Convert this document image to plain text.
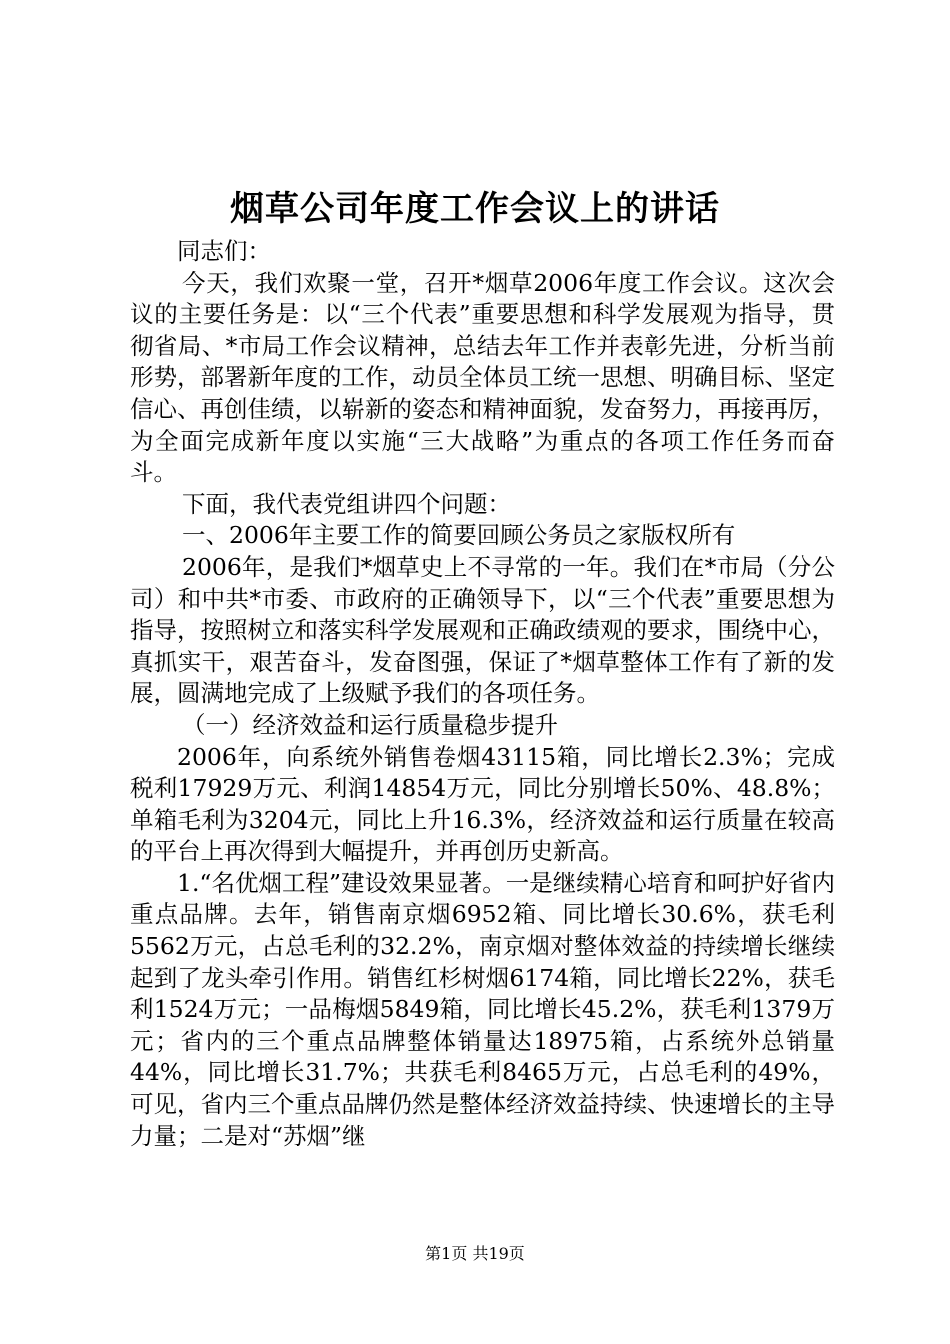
烟草公司年度工作会议上的讲话

同志们：

今天，我们欢聚一堂，召开*烟草2006年度工作会议。这次会议的主要任务是：以“三个代表”重要思想和科学发展观为指导，贯彻省局、*市局工作会议精神，总结去年工作并表彰先进，分析当前形势，部署新年度的工作，动员全体员工统一思想、明确目标、坚定信心、再创佳绩，以崭新的姿态和精神面貌，发奋努力，再接再厉，为全面完成新年度以实施“三大战略”为重点的各项工作任务而奋斗。

下面，我代表党组讲四个问题：

一、2006年主要工作的简要回顾公务员之家版权所有

2006年，是我们*烟草史上不寻常的一年。我们在*市局（分公司）和中共*市委、市政府的正确领导下，以“三个代表”重要思想为指导，按照树立和落实科学发展观和正确政绩观的要求，围绕中心，真抓实干，艰苦奋斗，发奋图强，保证了*烟草整体工作有了新的发展，圆满地完成了上级赋予我们的各项任务。

（一）经济效益和运行质量稳步提升

2006年，向系统外销售卷烟43115箱，同比增长2.3%；完成税利17929万元、利润14854万元，同比分别增长50%、48.8%；单箱毛利为3204元，同比上升16.3%，经济效益和运行质量在较高的平台上再次得到大幅提升，并再创历史新高。

1.“名优烟工程”建设效果显著。一是继续精心培育和呵护好省内重点品牌。去年，销售南京烟6952箱、同比增长30.6%，获毛利5562万元，占总毛利的32.2%，南京烟对整体效益的持续增长继续起到了龙头牵引作用。销售红杉树烟6174箱，同比增长22%，获毛利1524万元；一品梅烟5849箱，同比增长45.2%，获毛利1379万元；省内的三个重点品牌整体销量达18975箱，占系统外总销量44%，同比增长31.7%；共获毛利8465万元，占总毛利的49%，可见，省内三个重点品牌仍然是整体经济效益持续、快速增长的主导力量；二是对“苏烟”继

第1页 共19页
